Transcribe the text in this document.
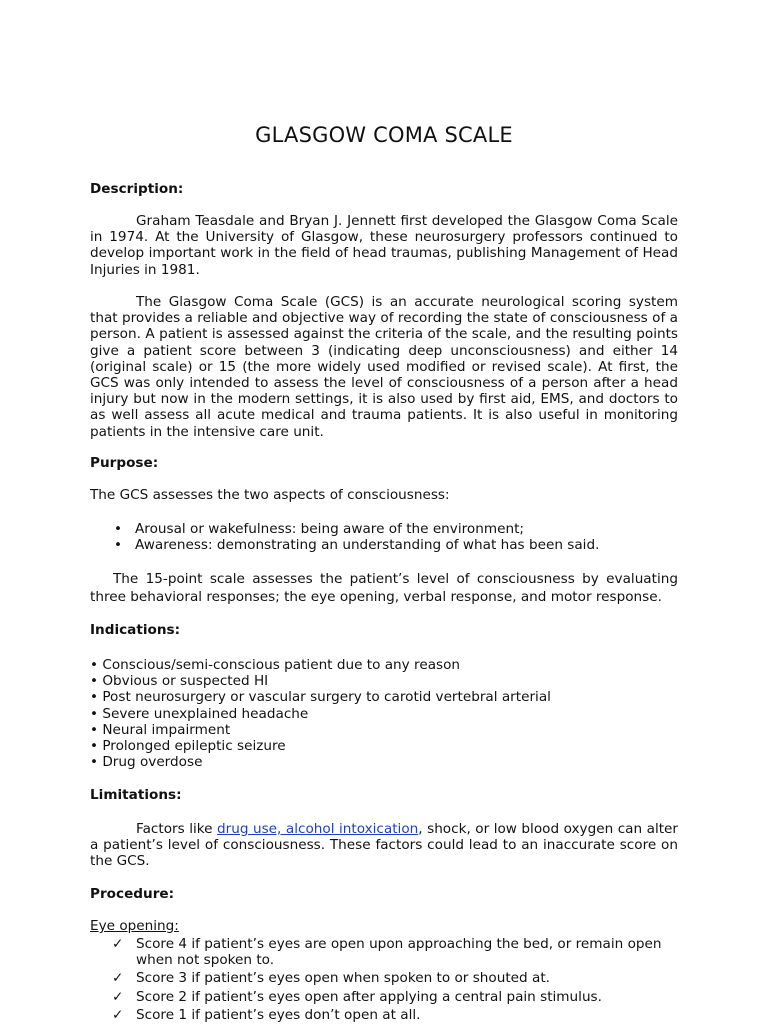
GLASGOW COMA SCALE
Description:
Graham Teasdale and Bryan J. Jennett first developed the Glasgow Coma Scale in 1974. At the University of Glasgow, these neurosurgery professors continued to develop important work in the field of head traumas, publishing Management of Head Injuries in 1981.
The Glasgow Coma Scale (GCS) is an accurate neurological scoring system that provides a reliable and objective way of recording the state of consciousness of a person. A patient is assessed against the criteria of the scale, and the resulting points give a patient score between 3 (indicating deep unconsciousness) and either 14 (original scale) or 15 (the more widely used modified or revised scale). At first, the GCS was only intended to assess the level of consciousness of a person after a head injury but now in the modern settings, it is also used by first aid, EMS, and doctors to as well assess all acute medical and trauma patients. It is also useful in monitoring patients in the intensive care unit.
Purpose:
The GCS assesses the two aspects of consciousness:
• Arousal or wakefulness: being aware of the environment;
• Awareness: demonstrating an understanding of what has been said.
The 15-point scale assesses the patient’s level of consciousness by evaluating three behavioral responses; the eye opening, verbal response, and motor response.
Indications:
• Conscious/semi-conscious patient due to any reason
• Obvious or suspected HI
• Post neurosurgery or vascular surgery to carotid vertebral arterial
• Severe unexplained headache
• Neural impairment
• Prolonged epileptic seizure
• Drug overdose
Limitations:
Factors like drug use, alcohol intoxication, shock, or low blood oxygen can alter a patient’s level of consciousness. These factors could lead to an inaccurate score on the GCS.
Procedure:
Eye opening:
✓ Score 4 if patient’s eyes are open upon approaching the bed, or remain open when not spoken to.
✓ Score 3 if patient’s eyes open when spoken to or shouted at.
✓ Score 2 if patient’s eyes open after applying a central pain stimulus.
✓ Score 1 if patient’s eyes don’t open at all.
